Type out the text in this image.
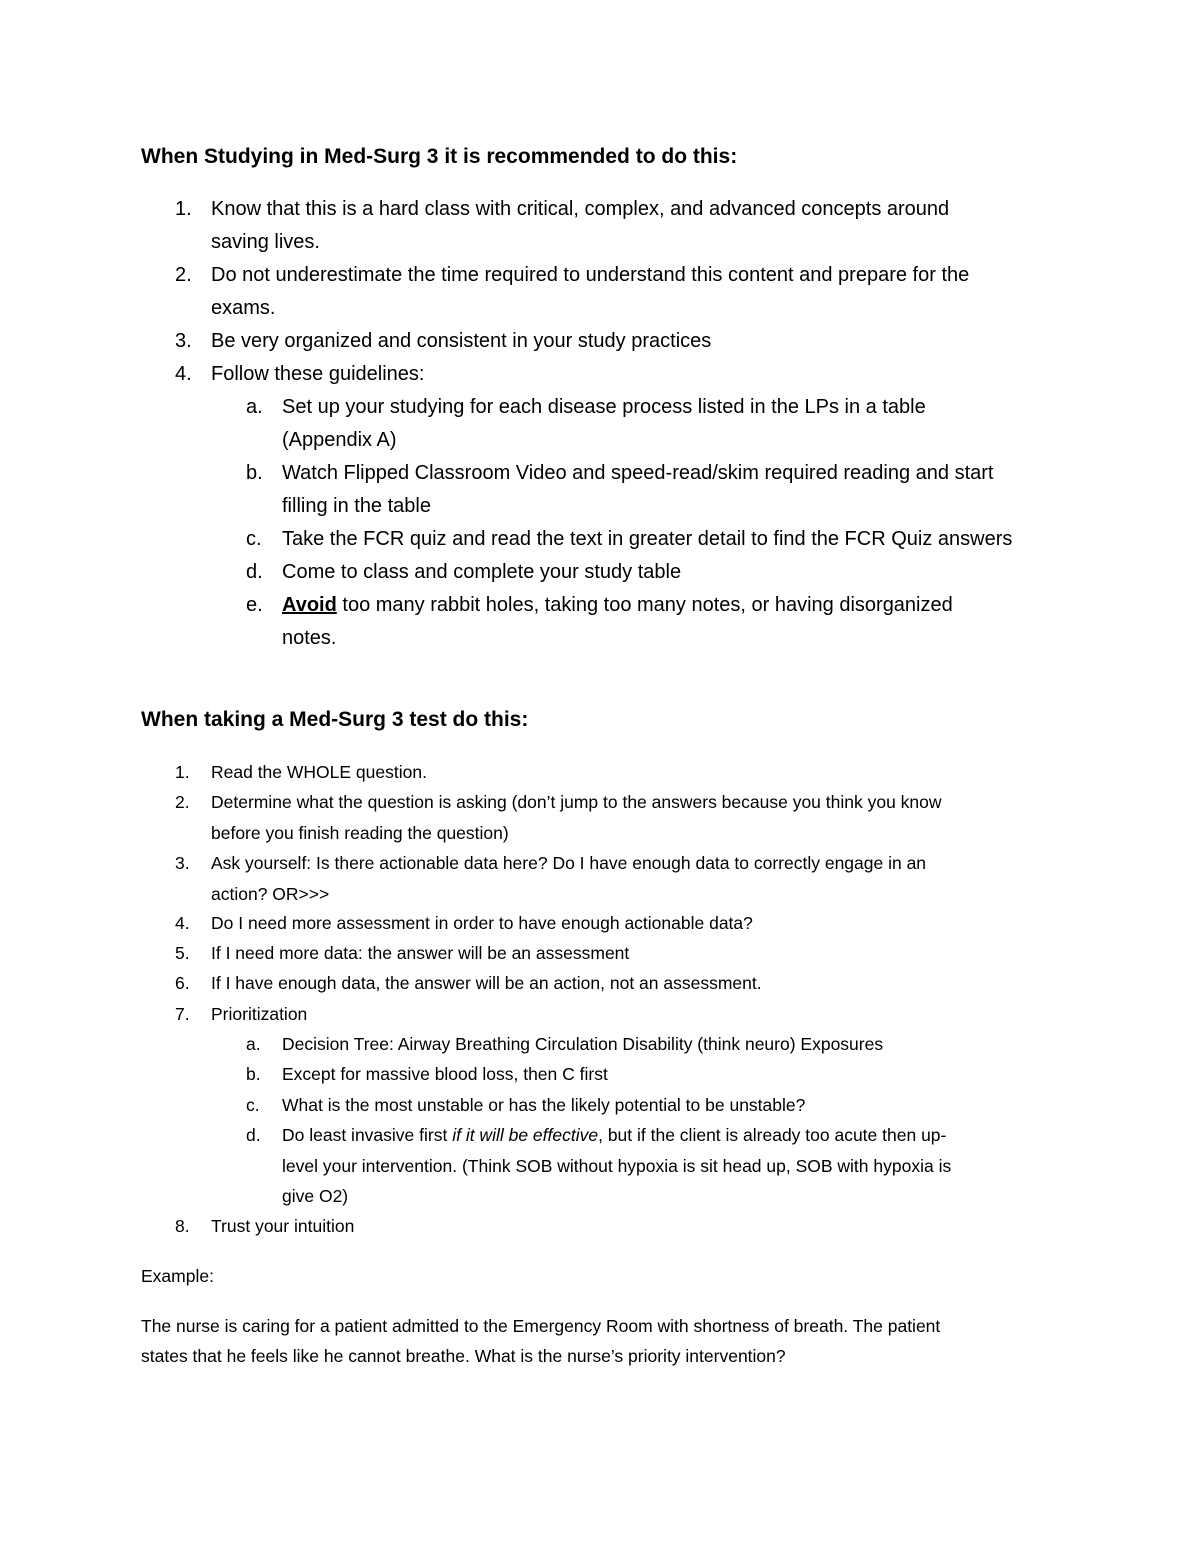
When Studying in Med-Surg 3 it is recommended to do this:
1. Know that this is a hard class with critical, complex, and advanced concepts around
saving lives.
2. Do not underestimate the time required to understand this content and prepare for the
exams.
3. Be very organized and consistent in your study practices
4. Follow these guidelines:
a. Set up your studying for each disease process listed in the LPs in a table
(Appendix A)
b. Watch Flipped Classroom Video and speed-read/skim required reading and start
filling in the table
c. Take the FCR quiz and read the text in greater detail to find the FCR Quiz answers
d. Come to class and complete your study table
e. Avoid too many rabbit holes, taking too many notes, or having disorganized
notes.
When taking a Med-Surg 3 test do this:
1. Read the WHOLE question.
2. Determine what the question is asking (don’t jump to the answers because you think you know
before you finish reading the question)
3. Ask yourself: Is there actionable data here? Do I have enough data to correctly engage in an
action? OR>>>
4. Do I need more assessment in order to have enough actionable data?
5. If I need more data: the answer will be an assessment
6. If I have enough data, the answer will be an action, not an assessment.
7. Prioritization
a. Decision Tree: Airway Breathing Circulation Disability (think neuro) Exposures
b. Except for massive blood loss, then C first
c. What is the most unstable or has the likely potential to be unstable?
d. Do least invasive first if it will be effective, but if the client is already too acute then up-
level your intervention. (Think SOB without hypoxia is sit head up, SOB with hypoxia is
give O2)
8. Trust your intuition
Example:
The nurse is caring for a patient admitted to the Emergency Room with shortness of breath. The patient
states that he feels like he cannot breathe. What is the nurse’s priority intervention?
